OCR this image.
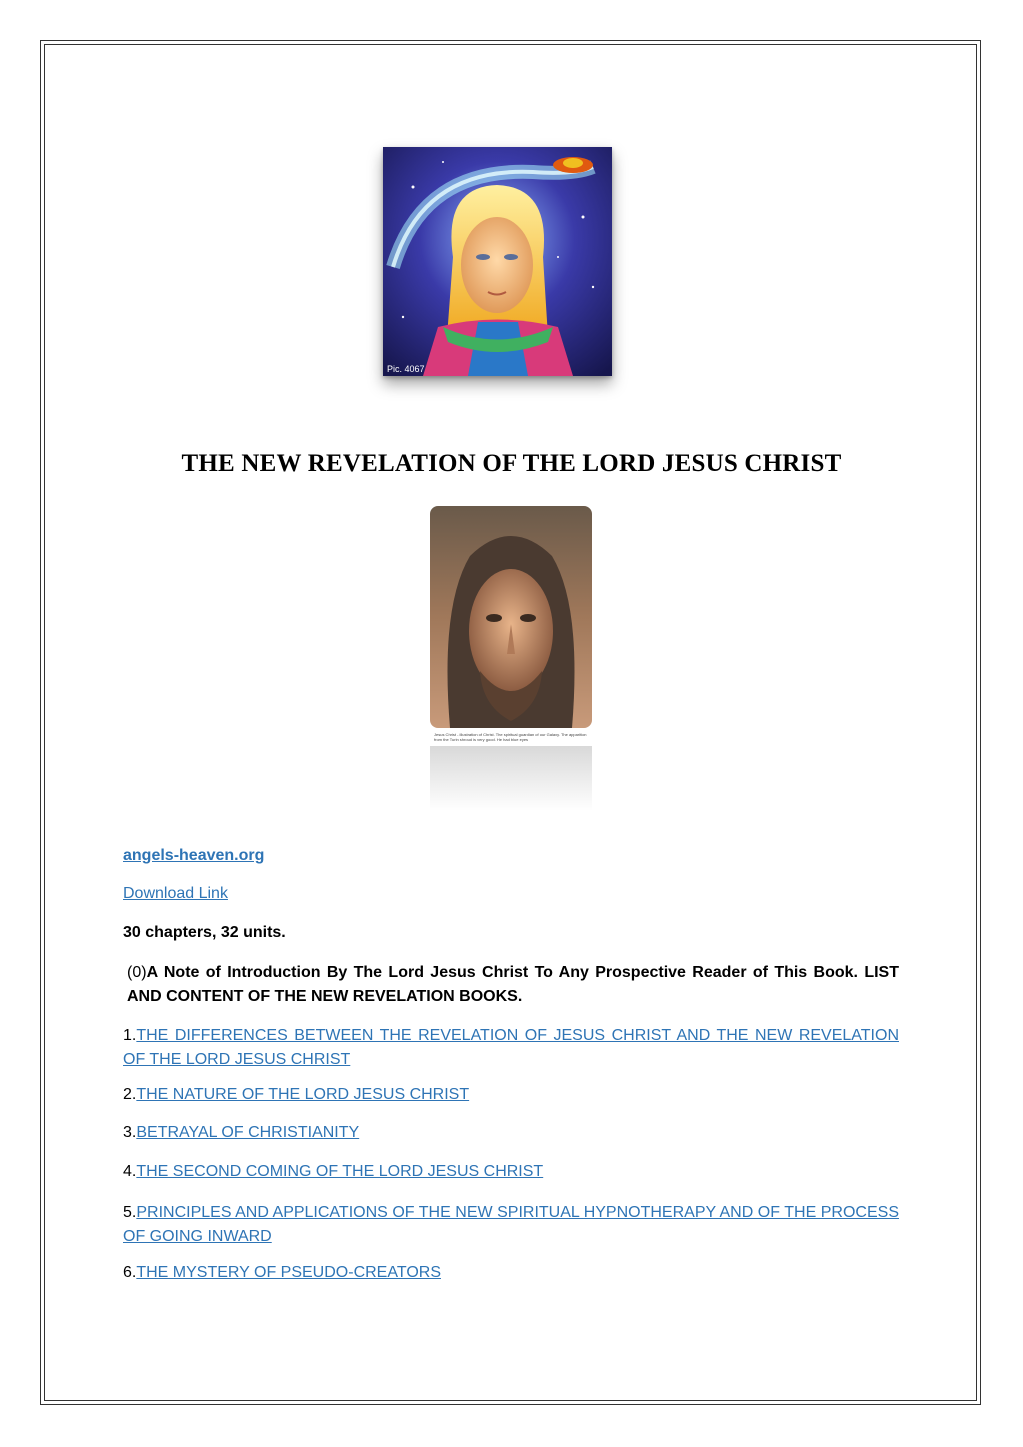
Pic. 4067
THE NEW REVELATION OF THE LORD JESUS CHRIST
Jesus Christ - illustration of Christ. The spiritual guardian of our Galaxy. The apparition from the Turin shroud is very good. He had blue eyes
angels-heaven.org
Download Link
30 chapters, 32 units.
(0)A Note of Introduction By The Lord Jesus Christ To Any Prospective Reader of This Book. LIST AND CONTENT OF THE NEW REVELATION BOOKS.
1.THE DIFFERENCES BETWEEN THE REVELATION OF JESUS CHRIST AND THE NEW REVELATION OF THE LORD JESUS CHRIST
2.THE NATURE OF THE LORD JESUS CHRIST
3.BETRAYAL OF CHRISTIANITY
4.THE SECOND COMING OF THE LORD JESUS CHRIST
5.PRINCIPLES AND APPLICATIONS OF THE NEW SPIRITUAL HYPNOTHERAPY AND OF THE PROCESS OF GOING INWARD
6.THE MYSTERY OF PSEUDO-CREATORS
